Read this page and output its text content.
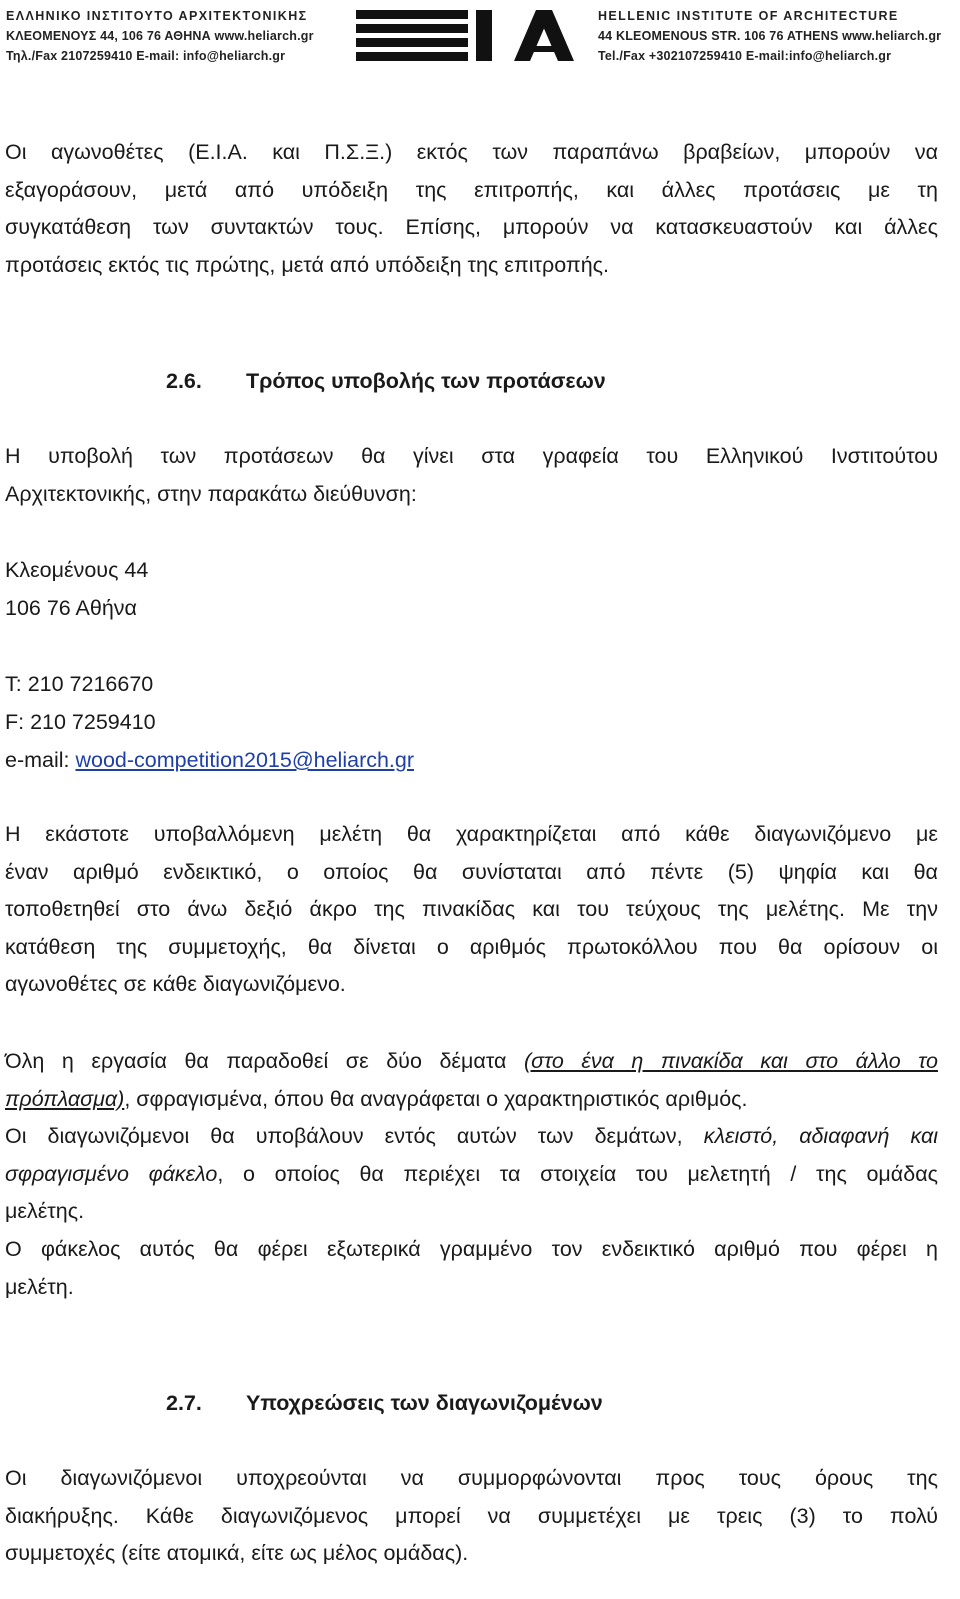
ΕΛΛΗΝΙΚΟ ΙΝΣΤΙΤΟΥΤΟ ΑΡΧΙΤΕΚΤΟΝΙΚΗΣ
ΚΛΕΟΜΕΝΟΥΣ 44, 106 76 ΑΘΗΝΑ www.heliarch.gr
Τηλ./Fax 2107259410 E-mail: info@heliarch.gr
HELLENIC INSTITUTE OF ARCHITECTURE
44 KLEOMENOUS STR. 106 76 ATHENS www.heliarch.gr
Tel./Fax +302107259410 E-mail:info@heliarch.gr
Οι αγωνοθέτες (Ε.Ι.Α. και Π.Σ.Ξ.) εκτός των παραπάνω βραβείων, μπορούν να
εξαγοράσουν, μετά από υπόδειξη της επιτροπής, και άλλες προτάσεις με τη
συγκατάθεση των συντακτών τους. Επίσης, μπορούν να κατασκευαστούν και άλλες
προτάσεις εκτός τις πρώτης, μετά από υπόδειξη της επιτροπής.
2.6. Τρόπος υποβολής των προτάσεων
Η υποβολή των προτάσεων θα γίνει στα γραφεία του Ελληνικού Ινστιτούτου
Αρχιτεκτονικής, στην παρακάτω διεύθυνση:
Κλεομένους 44
106 76 Αθήνα
T: 210 7216670
F: 210 7259410
e-mail: wood-competition2015@heliarch.gr
Η εκάστοτε υποβαλλόμενη μελέτη θα χαρακτηρίζεται από κάθε διαγωνιζόμενο με
έναν αριθμό ενδεικτικό, ο οποίος θα συνίσταται από πέντε (5) ψηφία και θα
τοποθετηθεί στο άνω δεξιό άκρο της πινακίδας και του τεύχους της μελέτης. Με την
κατάθεση της συμμετοχής, θα δίνεται ο αριθμός πρωτοκόλλου που θα ορίσουν οι
αγωνοθέτες σε κάθε διαγωνιζόμενο.
Όλη η εργασία θα παραδοθεί σε δύο δέματα (στο ένα η πινακίδα και στο άλλο το
πρόπλασμα), σφραγισμένα, όπου θα αναγράφεται ο χαρακτηριστικός αριθμός.
Οι διαγωνιζόμενοι θα υποβάλουν εντός αυτών των δεμάτων, κλειστό, αδιαφανή και
σφραγισμένο φάκελο, ο οποίος θα περιέχει τα στοιχεία του μελετητή / της ομάδας
μελέτης.
Ο φάκελος αυτός θα φέρει εξωτερικά γραμμένο τον ενδεικτικό αριθμό που φέρει η
μελέτη.
2.7. Υποχρεώσεις των διαγωνιζομένων
Οι διαγωνιζόμενοι υποχρεούνται να συμμορφώνονται προς τους όρους της
διακήρυξης. Κάθε διαγωνιζόμενος μπορεί να συμμετέχει με τρεις (3) το πολύ
συμμετοχές (είτε ατομικά, είτε ως μέλος ομάδας).
